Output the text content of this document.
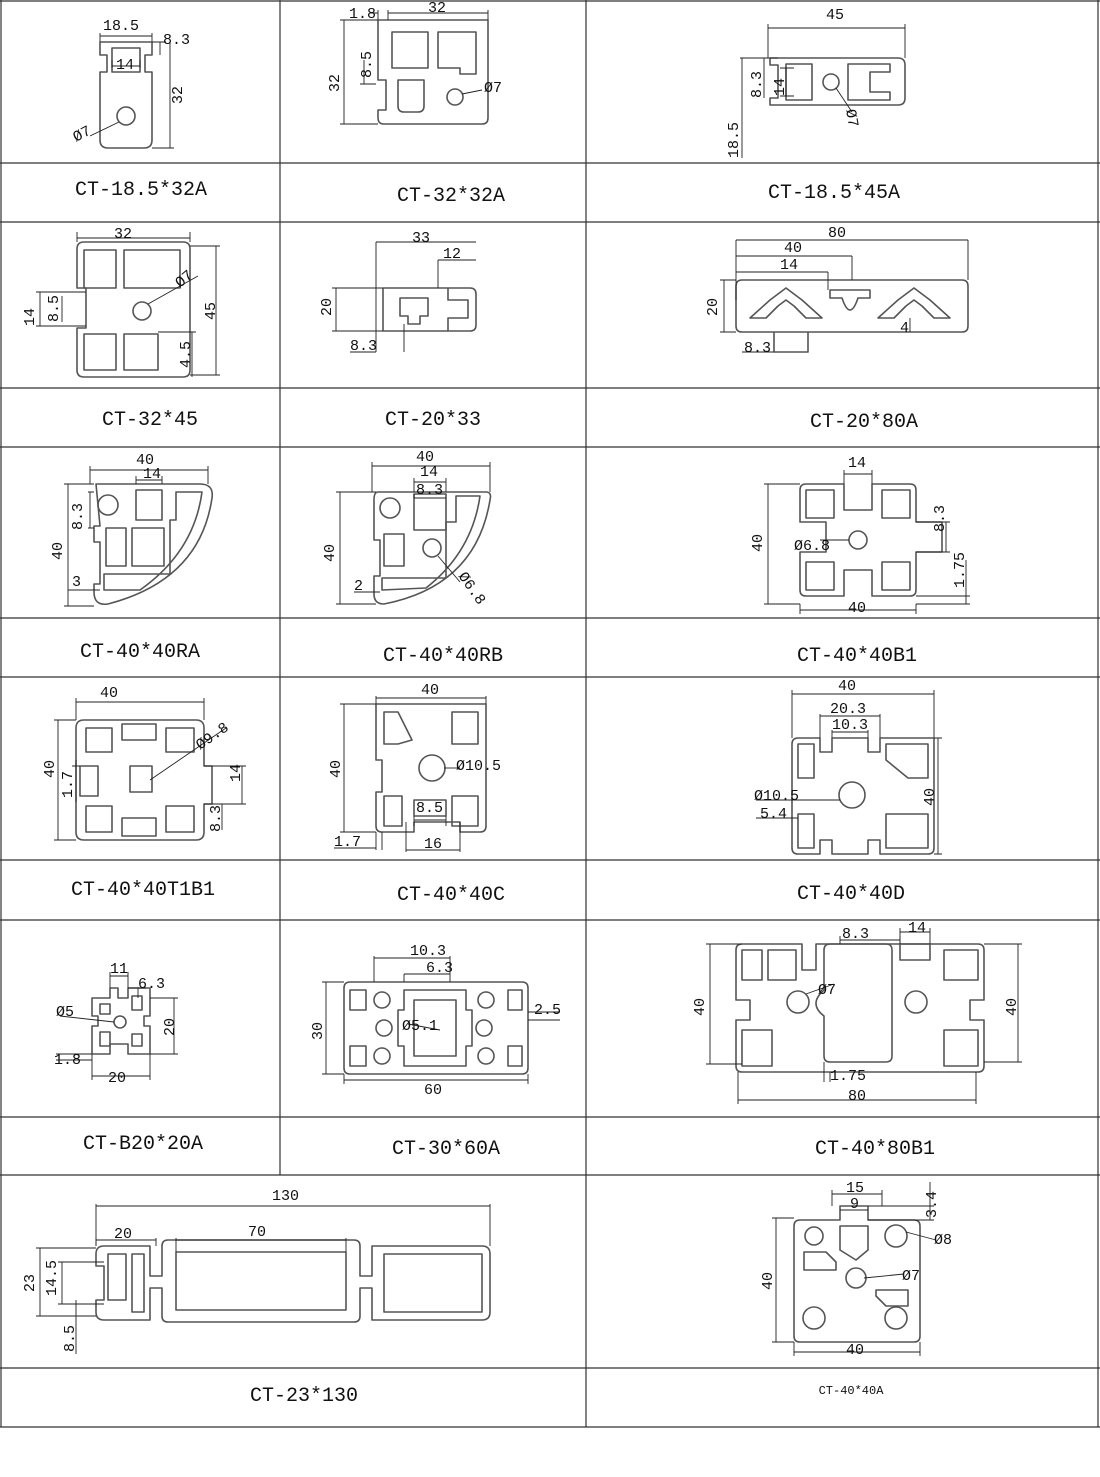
18.5
8.3
14
32
Ø7
1.8	32
32
8.5
Ø7
45
8.3 14
18.5
Ø7
CT-18.5*32A	CT-32*32A	CT-18.5*45A
32
Ø7
14 8.5	45
4.5
33
12
20
8.3
80
40
14
20
4
8.3
CT-32*45	CT-20*33	CT-20*80A
40
14
8.3
40
3
40
14
8.3
40
2	Ø6.8
14
8.3
Ø6.8
40
1.75
40
CT-40*40RA	CT-40*40RB	CT-40*40B1
40
Ø9.8
40
1.7	14
8.3
40
Ø10.5
40
8.5
1.7	16
40
20.3
10.3
Ø10.5
5.4
40
CT-40*40T1B1	CT-40*40C	CT-40*40D
11
6.3
Ø5
20
1.8
20
10.3
6.3
30	Ø5.1
2.5
60
8.3	14
40
Ø7
40
1.75
80
CT-B20*20A	CT-30*60A	CT-40*80B1
130
20	70
23 14.5
8.5
15
9	3.4
Ø8
40	Ø7
40
CT-23*130	CT-40*40A
